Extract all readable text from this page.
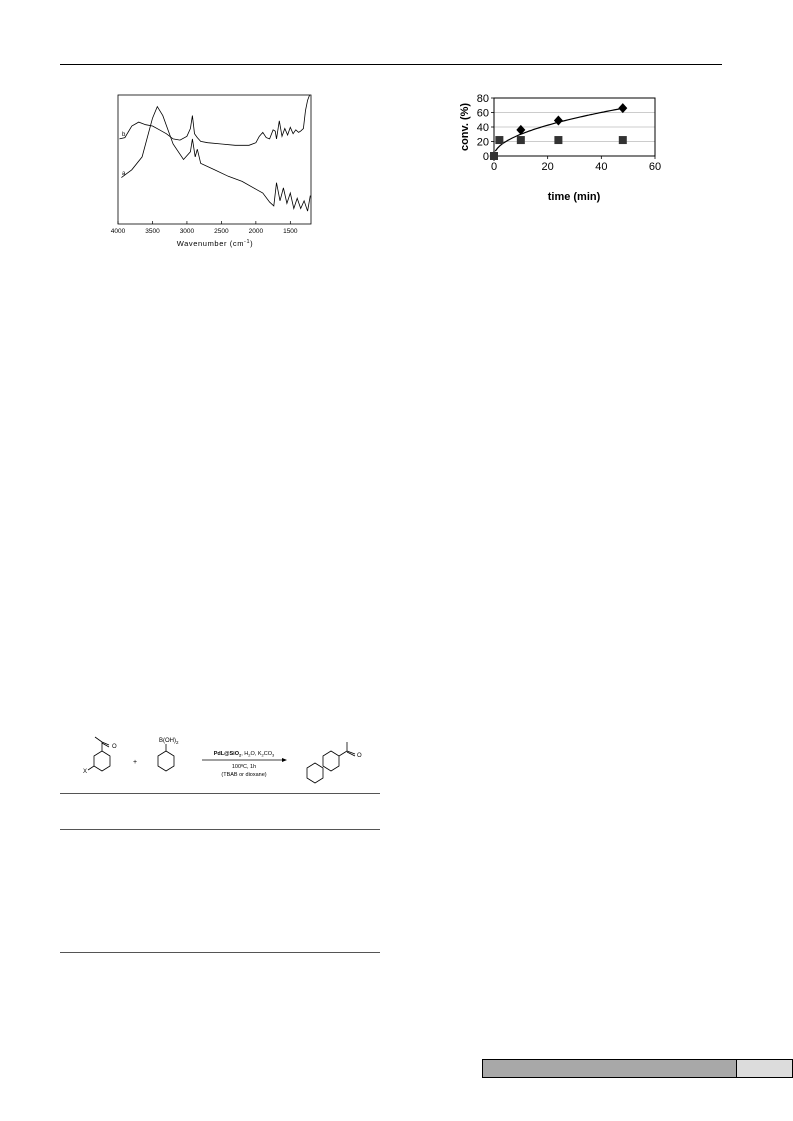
4000	3500	3000	2500	2000	1500
a
b
Wavenumber $(cm^{-1})$
0
20
40
60
80
0	20	40	60
time (min)
conv. (%)
O
X
+
$B(OH)_2$
PdL@SiO$_2$, $H_2O$, $K_2CO_3$
100ºC, 1h
(TBAB or dioxane)
O
